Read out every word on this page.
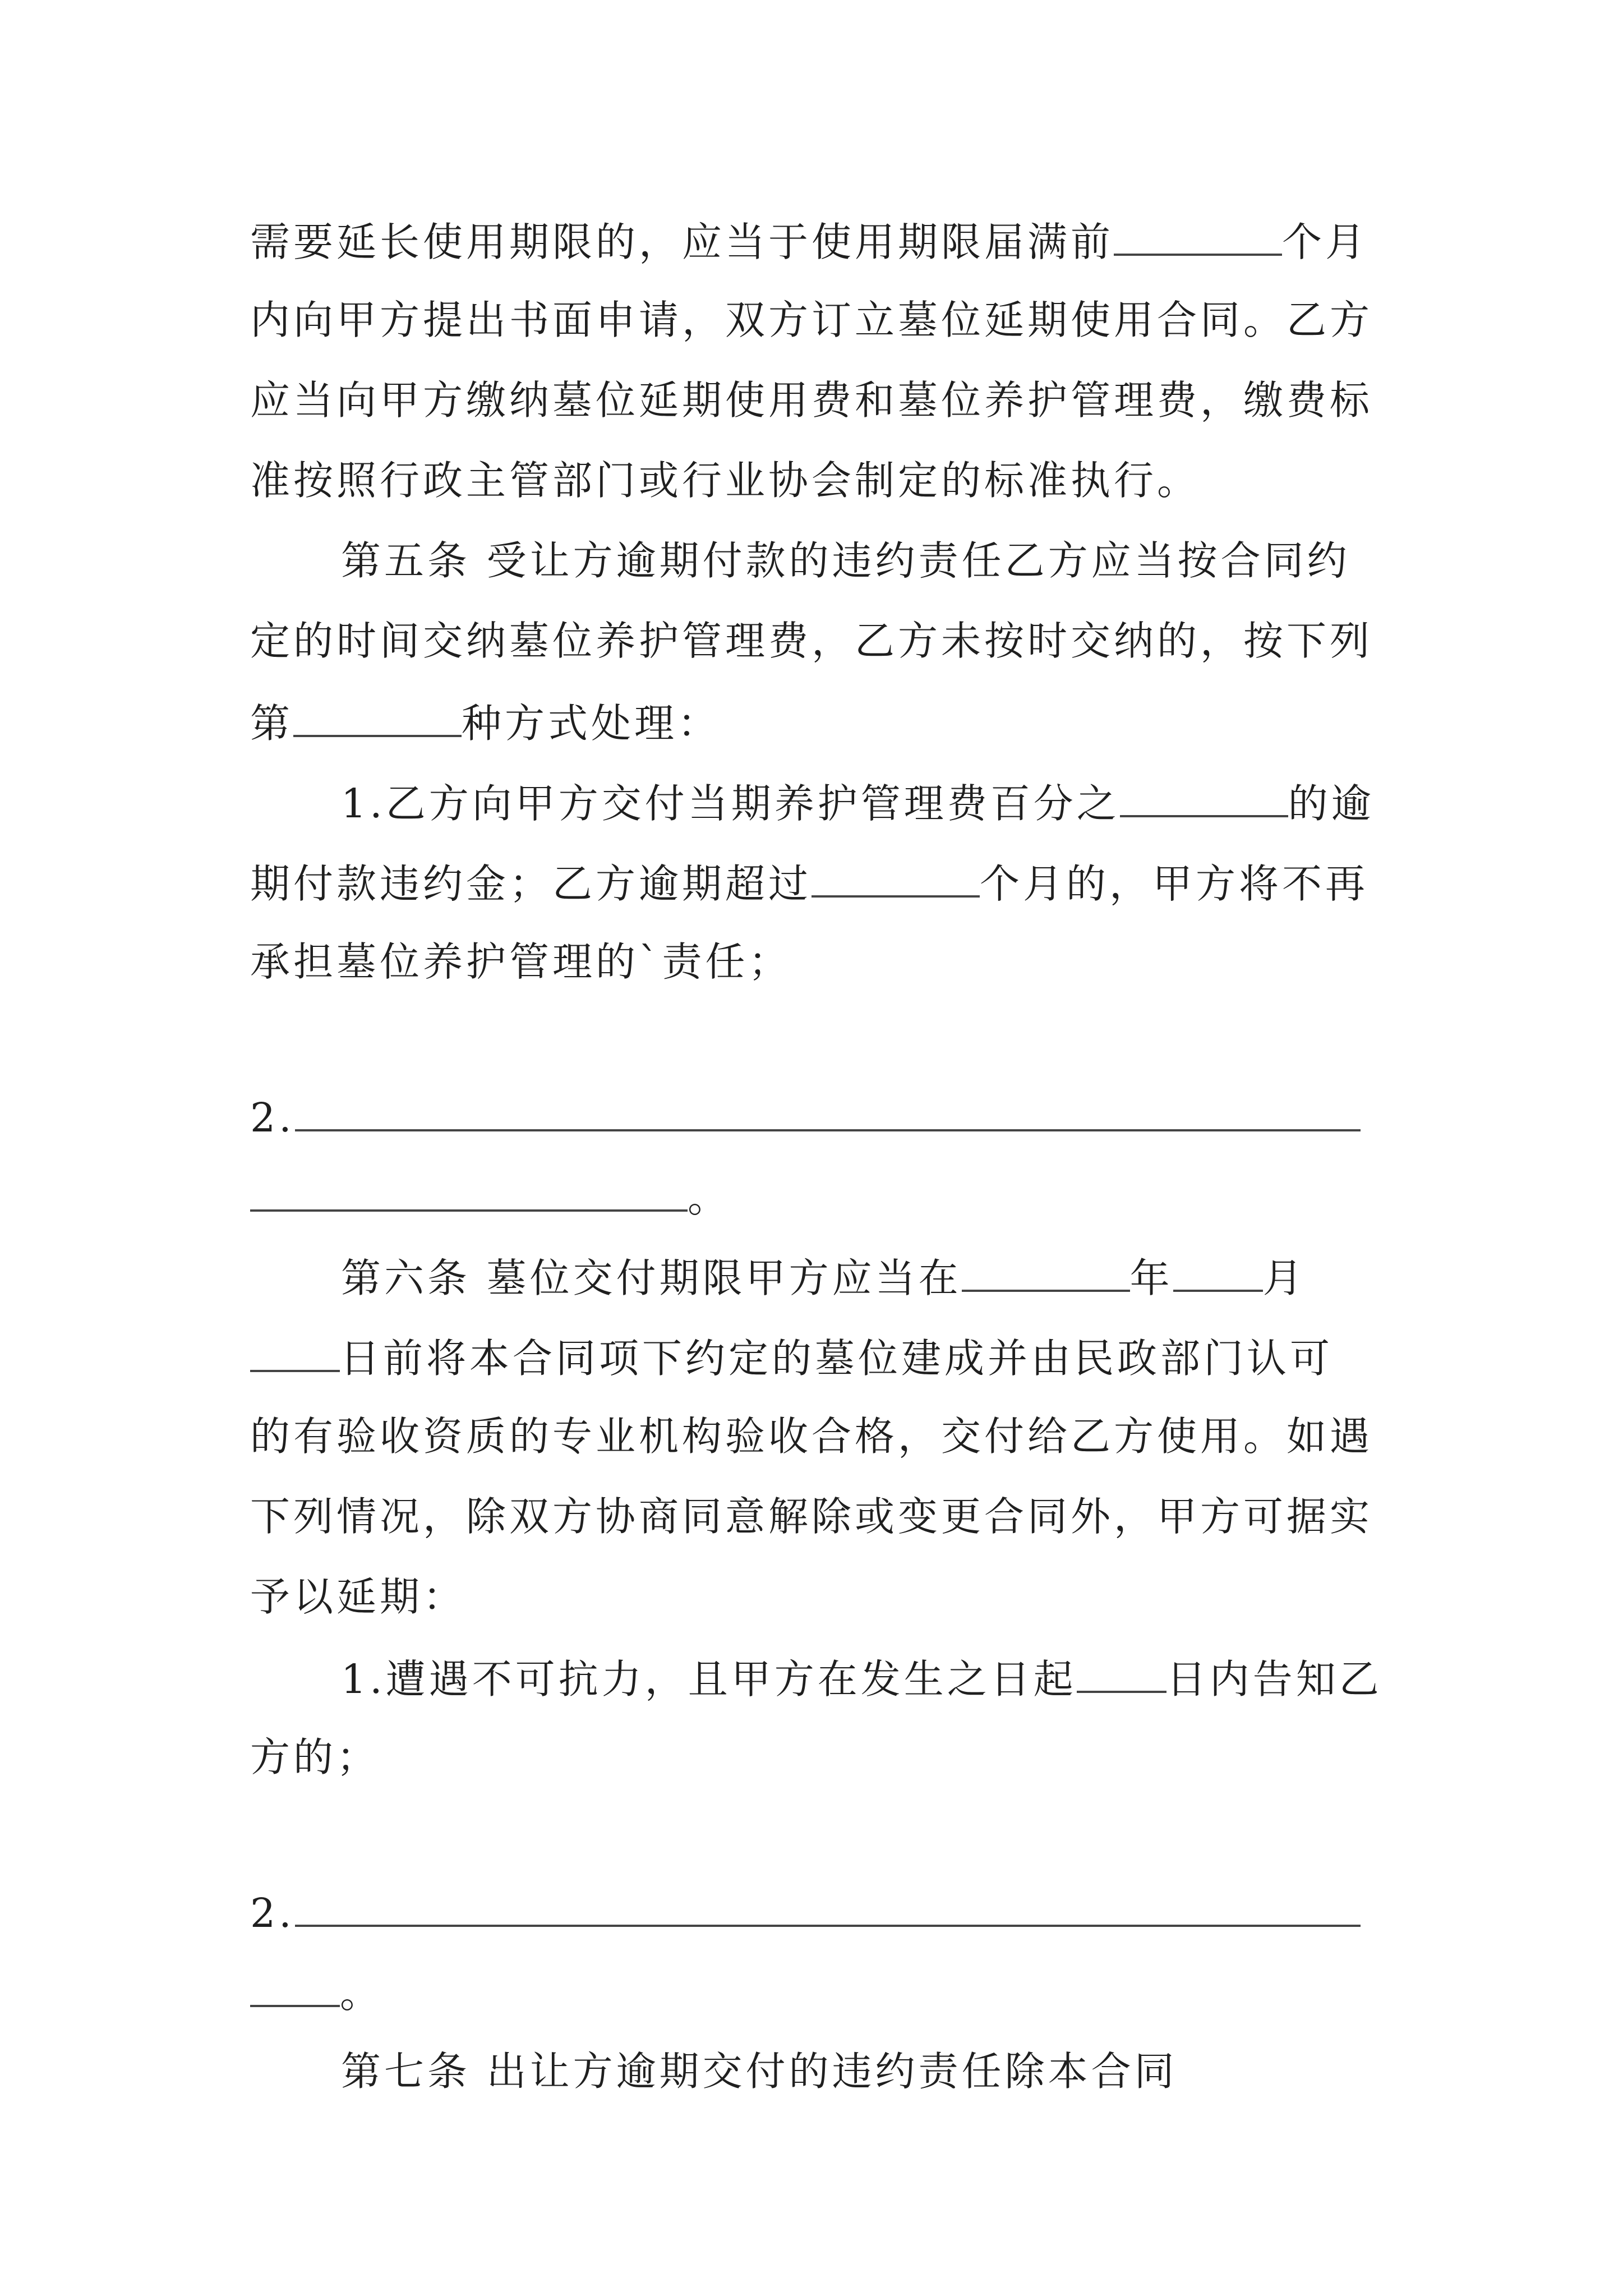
需要延长使用期限的，应当于使用期限届满前	个月
内向甲方提出书面申请，双方订立墓位延期使用合同。乙方
应当向甲方缴纳墓位延期使用费和墓位养护管理费，缴费标
准按照行政主管部门或行业协会制定的标准执行。
第五条 受让方逾期付款的违约责任乙方应当按合同约
定的时间交纳墓位养护管理费，乙方未按时交纳的，按下列
第	种方式处理：
1.乙方向甲方交付当期养护管理费百分之	的逾
期付款违约金；乙方逾期超过	个月的，甲方将不再
承担墓位养护管理的`责任；
2.
。
第六条 墓位交付期限甲方应当在	年 月
日前将本合同项下约定的墓位建成并由民政部门认可
的有验收资质的专业机构验收合格，交付给乙方使用。如遇
下列情况，除双方协商同意解除或变更合同外，甲方可据实
予以延期：
1.遭遇不可抗力，且甲方在发生之日起 日内告知乙
方的；
2.
。
第七条 出让方逾期交付的违约责任除本合同
